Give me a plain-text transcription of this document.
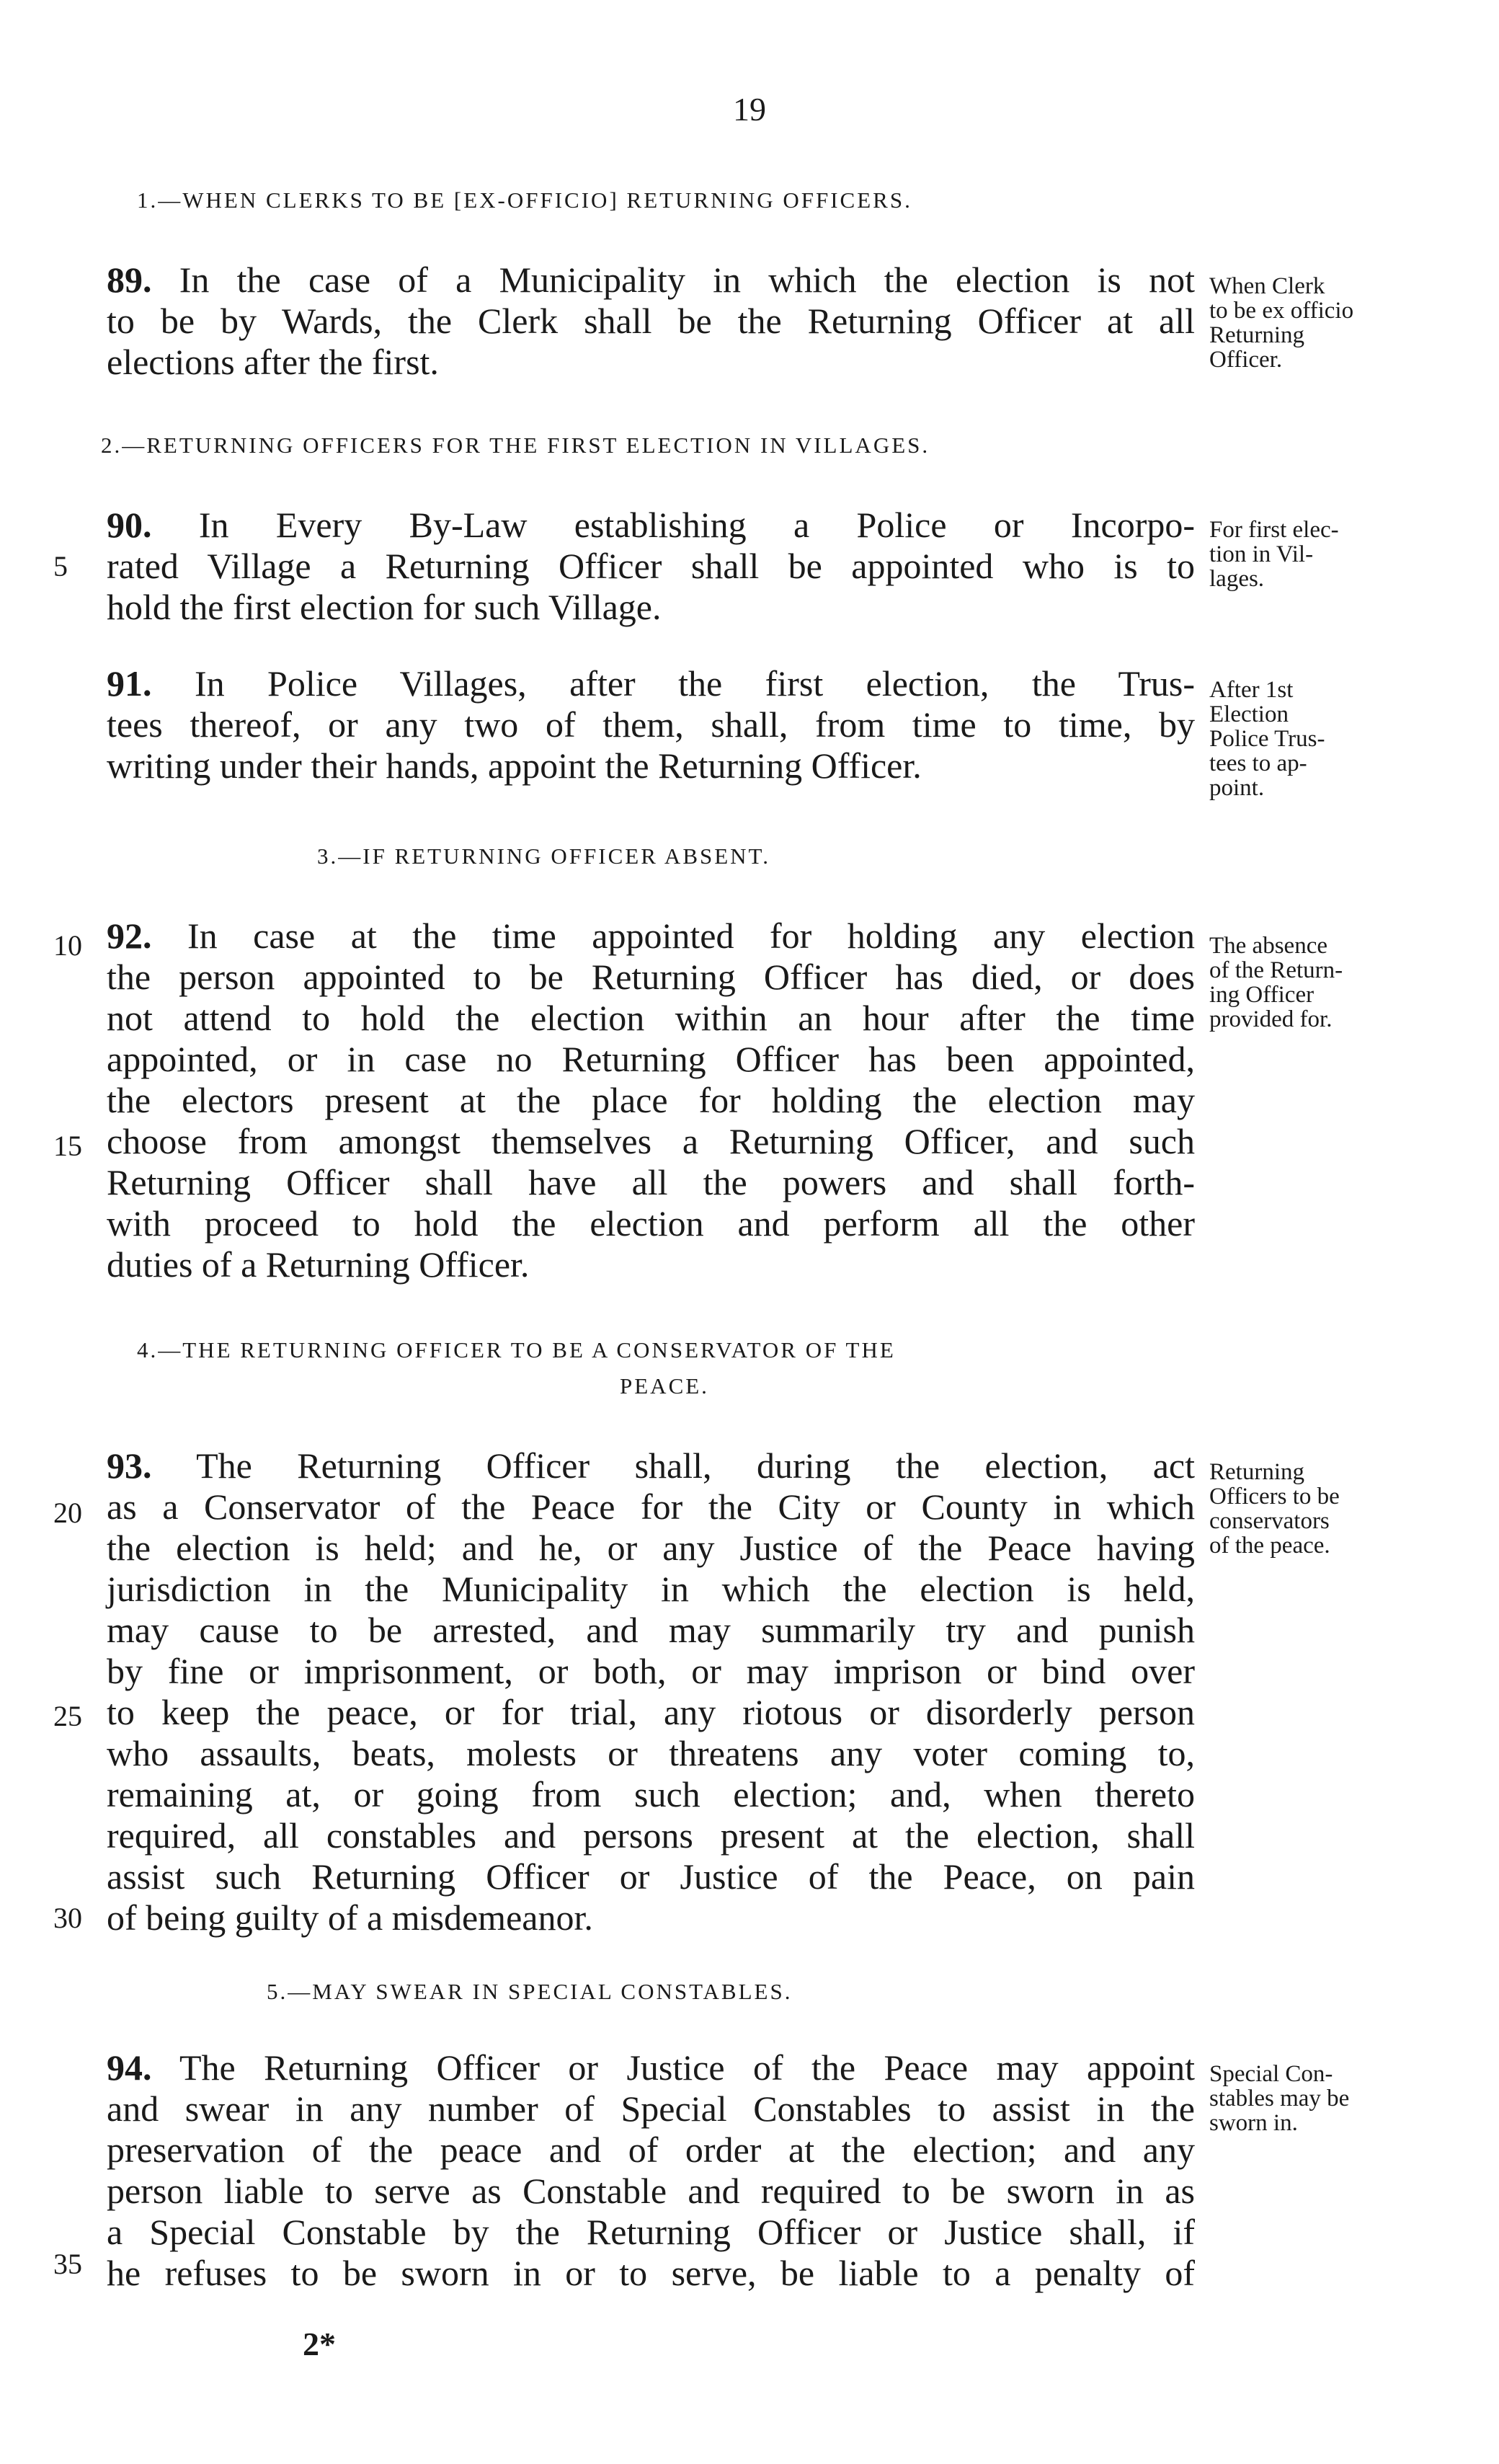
19
1.—WHEN CLERKS TO BE [EX-OFFICIO] RETURNING OFFICERS.

89. In the case of a Municipality in which the election is not
to be by Wards, the Clerk shall be the Returning Officer at all
elections after the first.

When Clerk
to be ex officio
Returning
Officer.
2.—RETURNING OFFICERS FOR THE FIRST ELECTION IN VILLAGES.

90. In Every By-Law establishing a Police or Incorpo-
rated Village a Returning Officer shall be appointed who is to
hold the first election for such Village.

For first elec-
tion in Vil-
lages.

91. In Police Villages, after the first election, the Trus-
tees thereof, or any two of them, shall, from time to time, by
writing under their hands, appoint the Returning Officer.

After 1st
Election
Police Trus-
tees to ap-
point.
3.—IF RETURNING OFFICER ABSENT.

92. In case at the time appointed for holding any election
the person appointed to be Returning Officer has died, or does
not attend to hold the election within an hour after the time
appointed, or in case no Returning Officer has been appointed,
the electors present at the place for holding the election may
choose from amongst themselves a Returning Officer, and such
Returning Officer shall have all the powers and shall forth-
with proceed to hold the election and perform all the other
duties of a Returning Officer.

The absence
of the Return-
ing Officer
provided for.
4.—THE RETURNING OFFICER TO BE A CONSERVATOR OF THE
PEACE.

93. The Returning Officer shall, during the election, act
as a Conservator of the Peace for the City or County in which
the election is held; and he, or any Justice of the Peace having
jurisdiction in the Municipality in which the election is held,
may cause to be arrested, and may summarily try and punish
by fine or imprisonment, or both, or may imprison or bind over
to keep the peace, or for trial, any riotous or disorderly person
who assaults, beats, molests or threatens any voter coming to,
remaining at, or going from such election; and, when thereto
required, all constables and persons present at the election, shall
assist such Returning Officer or Justice of the Peace, on pain
of being guilty of a misdemeanor.

Returning
Officers to be
conservators
of the peace.
5.—MAY SWEAR IN SPECIAL CONSTABLES.

94. The Returning Officer or Justice of the Peace may appoint
and swear in any number of Special Constables to assist in the
preservation of the peace and of order at the election; and any
person liable to serve as Constable and required to be sworn in as
a Special Constable by the Returning Officer or Justice shall, if
he refuses to be sworn in or to serve, be liable to a penalty of

Special Con-
stables may be
sworn in.
5
10
15
20
25
30
35
2*
